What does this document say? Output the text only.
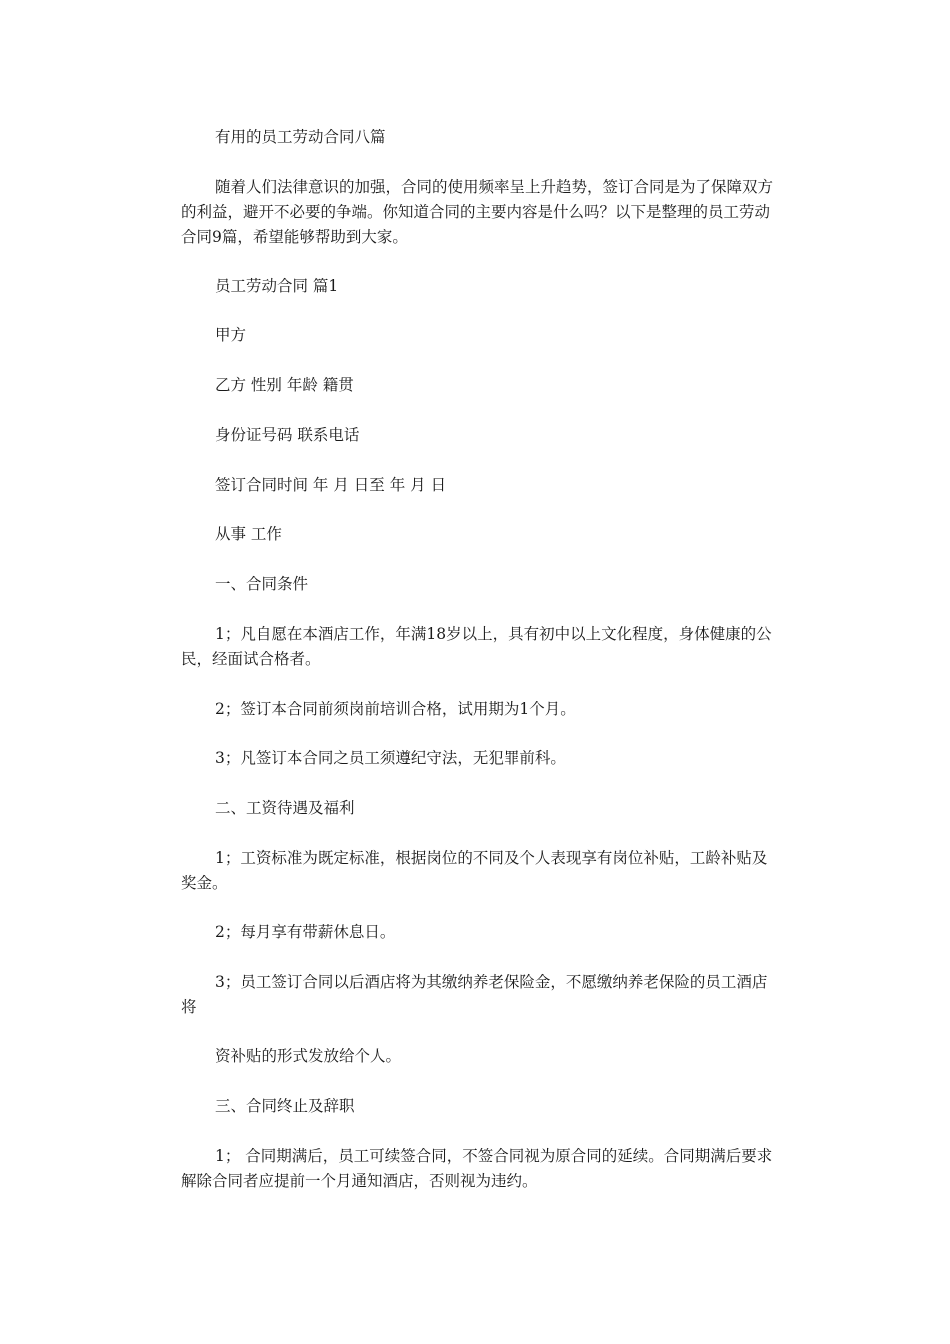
有用的员工劳动合同八篇

随着人们法律意识的加强，合同的使用频率呈上升趋势，签订合同是为了保障双方的利益，避开不必要的争端。你知道合同的主要内容是什么吗？以下是整理的员工劳动合同9篇，希望能够帮助到大家。

员工劳动合同 篇1

甲方

乙方 性别 年龄 籍贯

身份证号码 联系电话

签订合同时间 年 月 日至 年 月 日

从事 工作

一、合同条件

1；凡自愿在本酒店工作，年满18岁以上，具有初中以上文化程度，身体健康的公民，经面试合格者。

2；签订本合同前须岗前培训合格，试用期为1个月。

3；凡签订本合同之员工须遵纪守法，无犯罪前科。

二、工资待遇及福利

1；工资标准为既定标准，根据岗位的不同及个人表现享有岗位补贴，工龄补贴及奖金。

2；每月享有带薪休息日。

3；员工签订合同以后酒店将为其缴纳养老保险金，不愿缴纳养老保险的员工酒店将

资补贴的形式发放给个人。

三、合同终止及辞职

1； 合同期满后，员工可续签合同，不签合同视为原合同的延续。合同期满后要求解除合同者应提前一个月通知酒店，否则视为违约。
